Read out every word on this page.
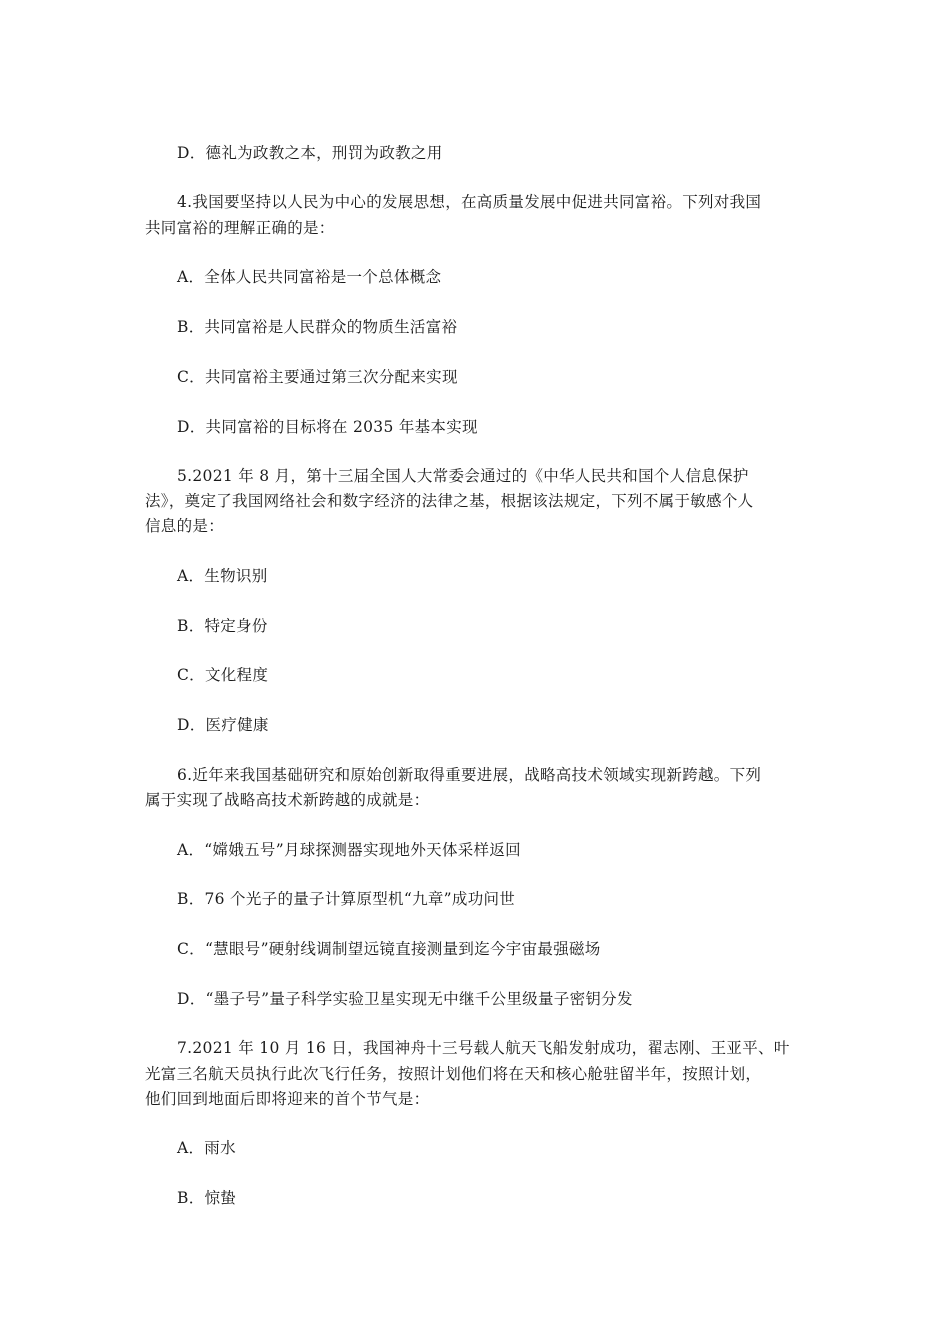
D．德礼为政教之本，刑罚为政教之用
4.我国要坚持以人民为中心的发展思想，在高质量发展中促进共同富裕。下列对我国
共同富裕的理解正确的是：
A．全体人民共同富裕是一个总体概念
B．共同富裕是人民群众的物质生活富裕
C．共同富裕主要通过第三次分配来实现
D．共同富裕的目标将在 2035 年基本实现
5.2021 年 8 月，第十三届全国人大常委会通过的《中华人民共和国个人信息保护
法》，奠定了我国网络社会和数字经济的法律之基，根据该法规定，下列不属于敏感个人
信息的是：
A．生物识别
B．特定身份
C．文化程度
D．医疗健康
6.近年来我国基础研究和原始创新取得重要进展，战略高技术领域实现新跨越。下列
属于实现了战略高技术新跨越的成就是：
A．“嫦娥五号”月球探测器实现地外天体采样返回
B．76 个光子的量子计算原型机“九章”成功问世
C．“慧眼号”硬射线调制望远镜直接测量到迄今宇宙最强磁场
D．“墨子号”量子科学实验卫星实现无中继千公里级量子密钥分发
7.2021 年 10 月 16 日，我国神舟十三号载人航天飞船发射成功，翟志刚、王亚平、叶
光富三名航天员执行此次飞行任务，按照计划他们将在天和核心舱驻留半年，按照计划，
他们回到地面后即将迎来的首个节气是：
A．雨水
B．惊蛰
